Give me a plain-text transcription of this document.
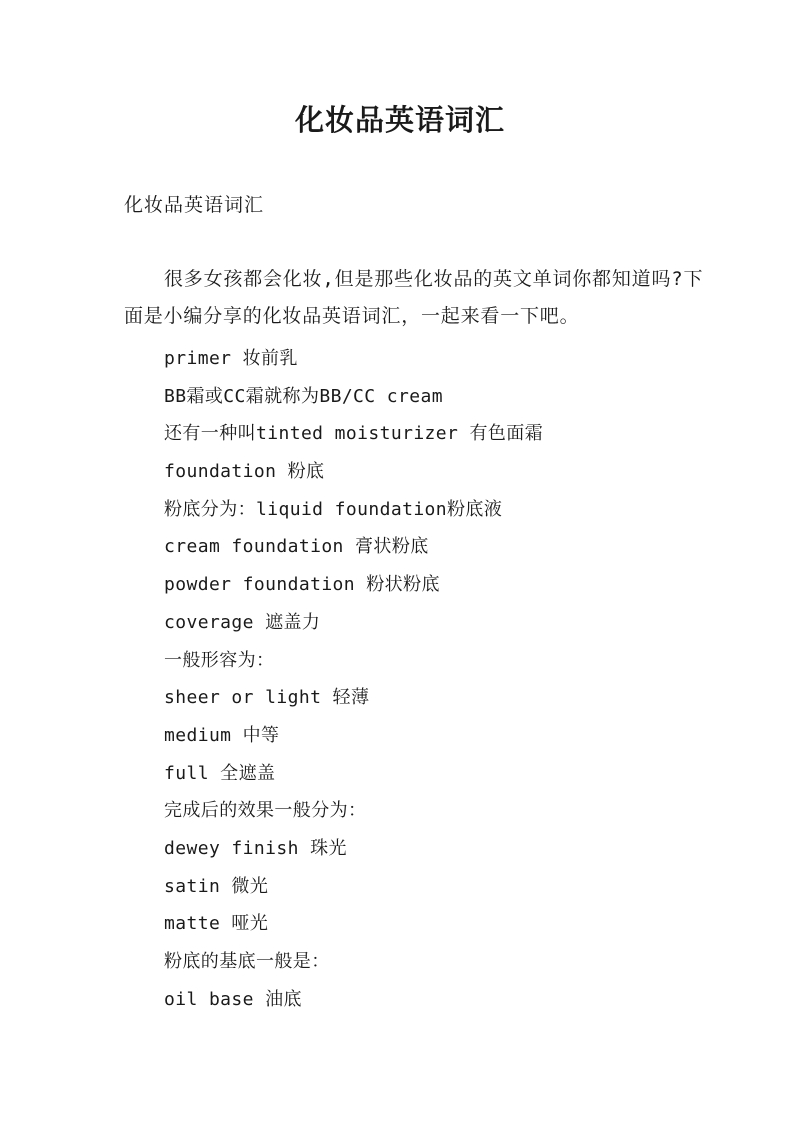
化妆品英语词汇

化妆品英语词汇

很多女孩都会化妆,但是那些化妆品的英文单词你都知道吗?下面是小编分享的化妆品英语词汇，一起来看一下吧。

primer 妆前乳
BB霜或CC霜就称为BB/CC cream
还有一种叫tinted moisturizer 有色面霜
foundation 粉底
粉底分为：liquid foundation粉底液
cream foundation 膏状粉底
powder foundation 粉状粉底
coverage 遮盖力
一般形容为：
sheer or light 轻薄
medium 中等
full 全遮盖
完成后的效果一般分为：
dewey finish 珠光
satin 微光
matte 哑光
粉底的基底一般是：
oil base 油底
